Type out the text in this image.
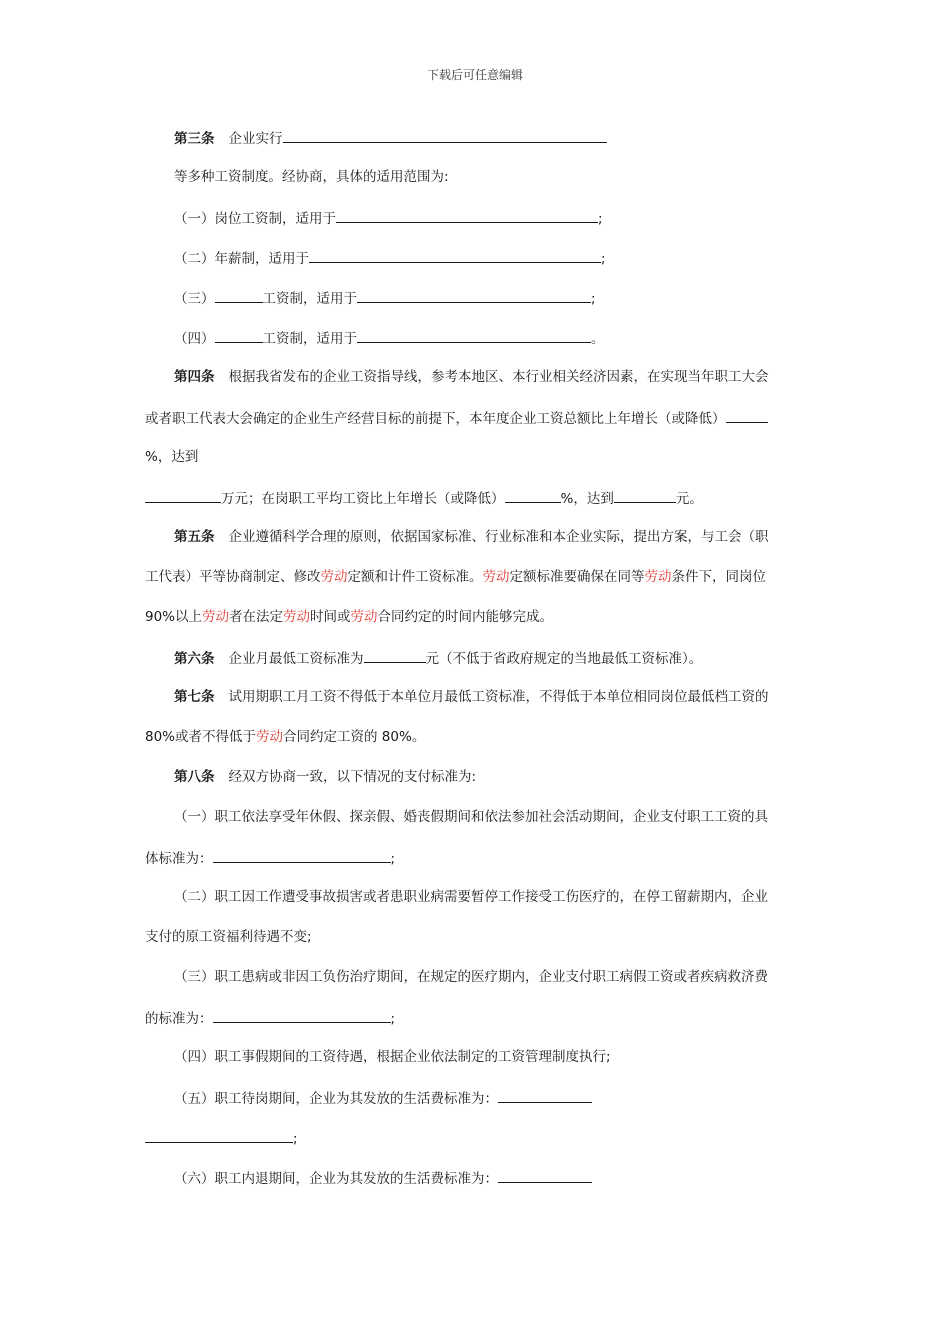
下载后可任意编辑
第三条 企业实行
等多种工资制度。经协商，具体的适用范围为:
（一）岗位工资制，适用于	;
（二）年薪制，适用于	;
（三）	工资制，适用于	;
（四）	工资制，适用于	。
第四条 根据我省发布的企业工资指导线，参考本地区、本行业相关经济因素，在实现当年职工大会
或者职工代表大会确定的企业生产经营目标的前提下，本年度企业工资总额比上年增长（或降低）
%，达到
万元；在岗职工平均工资比上年增长（或降低）	%，达到	元。
第五条 企业遵循科学合理的原则，依据国家标准、行业标准和本企业实际，提出方案，与工会（职
工代表）平等协商制定、修改劳动定额和计件工资标准。劳动定额标准要确保在同等劳动条件下，同岗位
90%以上劳动者在法定劳动时间或劳动合同约定的时间内能够完成。
第六条 企业月最低工资标准为	元（不低于省政府规定的当地最低工资标准）。
第七条 试用期职工月工资不得低于本单位月最低工资标准，不得低于本单位相同岗位最低档工资的
80%或者不得低于劳动合同约定工资的 80%。
第八条 经双方协商一致，以下情况的支付标准为:
（一）职工依法享受年休假、探亲假、婚丧假期间和依法参加社会活动期间，企业支付职工工资的具
体标准为：	;
（二）职工因工作遭受事故损害或者患职业病需要暂停工作接受工伤医疗的，在停工留薪期内，企业
支付的原工资福利待遇不变;
（三）职工患病或非因工负伤治疗期间，在规定的医疗期内，企业支付职工病假工资或者疾病救济费
的标准为：	;
（四）职工事假期间的工资待遇，根据企业依法制定的工资管理制度执行;
（五）职工待岗期间，企业为其发放的生活费标准为：
;
（六）职工内退期间，企业为其发放的生活费标准为：
